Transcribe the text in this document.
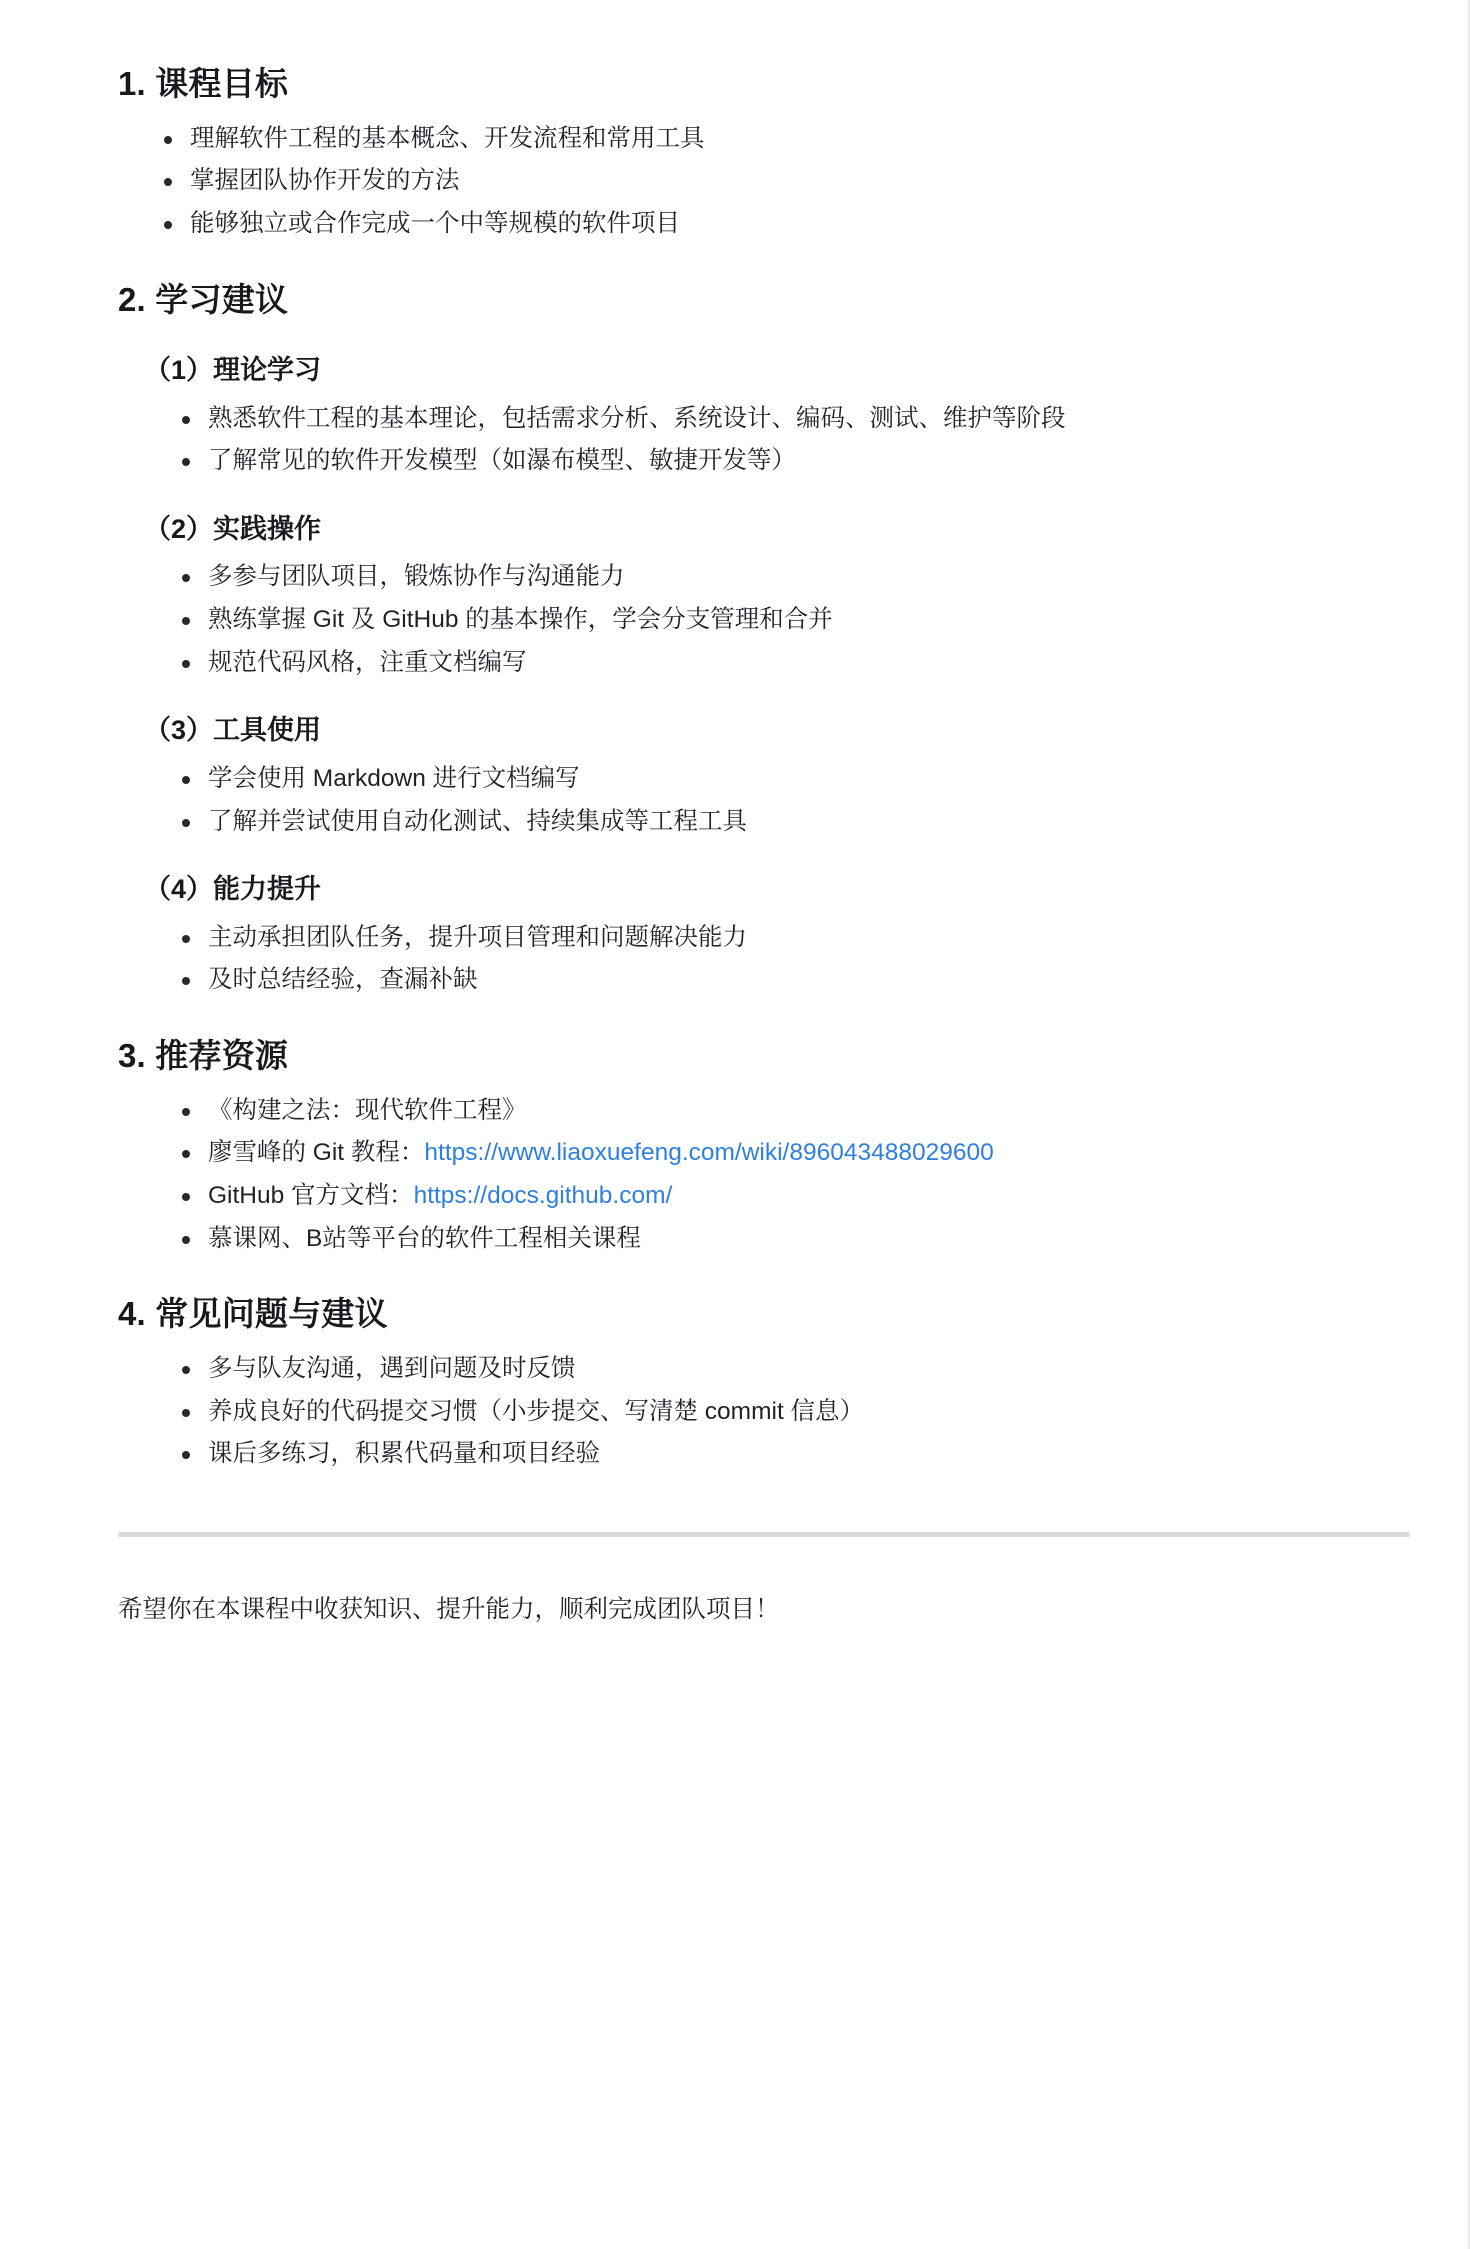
1. 课程目标
理解软件工程的基本概念、开发流程和常用工具
掌握团队协作开发的方法
能够独立或合作完成一个中等规模的软件项目
2. 学习建议
（1）理论学习
熟悉软件工程的基本理论，包括需求分析、系统设计、编码、测试、维护等阶段
了解常见的软件开发模型（如瀑布模型、敏捷开发等）
（2）实践操作
多参与团队项目，锻炼协作与沟通能力
熟练掌握 Git 及 GitHub 的基本操作，学会分支管理和合并
规范代码风格，注重文档编写
（3）工具使用
学会使用 Markdown 进行文档编写
了解并尝试使用自动化测试、持续集成等工程工具
（4）能力提升
主动承担团队任务，提升项目管理和问题解决能力
及时总结经验，查漏补缺
3. 推荐资源
《构建之法：现代软件工程》
廖雪峰的 Git 教程：https://www.liaoxuefeng.com/wiki/896043488029600
GitHub 官方文档：https://docs.github.com/
慕课网、B站等平台的软件工程相关课程
4. 常见问题与建议
多与队友沟通，遇到问题及时反馈
养成良好的代码提交习惯（小步提交、写清楚 commit 信息）
课后多练习，积累代码量和项目经验

希望你在本课程中收获知识、提升能力，顺利完成团队项目！
